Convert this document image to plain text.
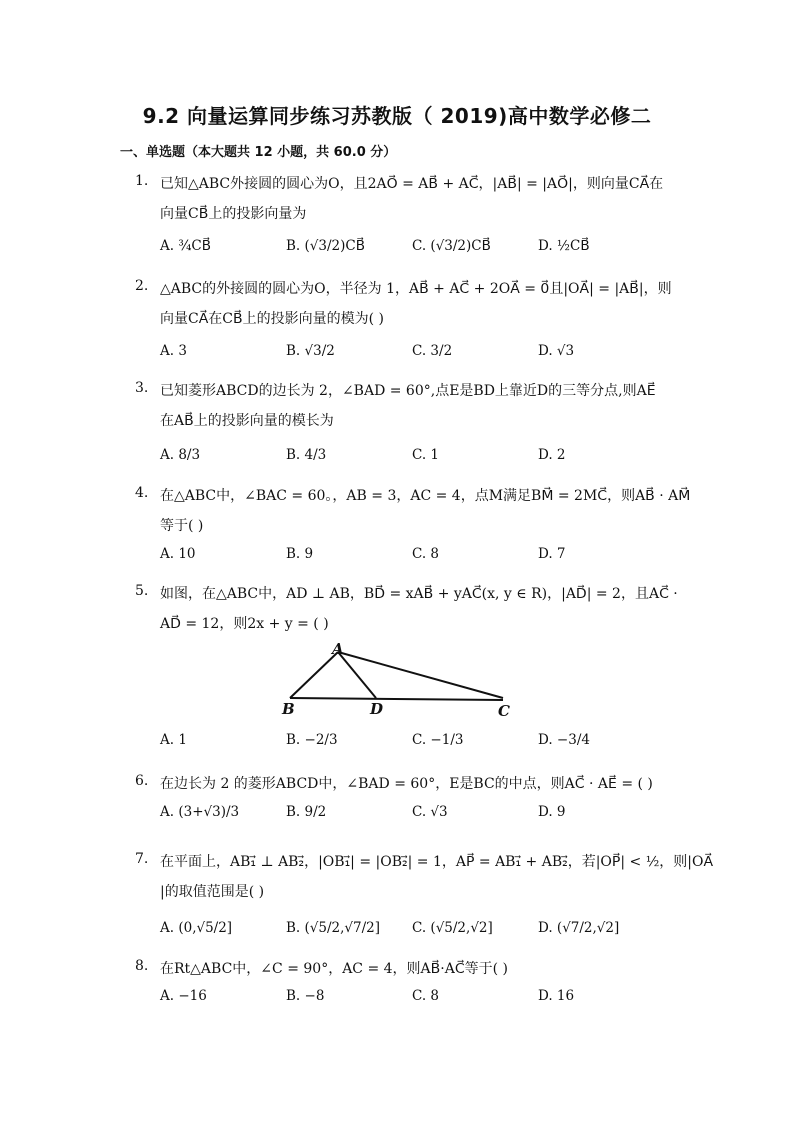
9.2 向量运算同步练习苏教版（ 2019)高中数学必修二
一、单选题（本大题共 12 小题，共 60.0 分）
1. 已知△ABC外接圆的圆心为O，且2AO⃗ = AB⃗ + AC⃗，|AB⃗| = |AO⃗|，则向量CA⃗在
向量CB⃗上的投影向量为
A. ¾CB⃗	B. (√3/2)CB⃗	C. (√3/2)CB⃗	D. ½CB⃗
2. △ABC的外接圆的圆心为O，半径为 1，AB⃗ + AC⃗ + 2OA⃗ = 0⃗且|OA⃗| = |AB⃗|，则
向量CA⃗在CB⃗上的投影向量的模为( )
A. 3	B. √3/2	C. 3/2	D. √3
3. 已知菱形ABCD的边长为 2，∠BAD = 60°,点E是BD上靠近D的三等分点,则AE⃗
在AB⃗上的投影向量的模长为
A. 8/3	B. 4/3	C. 1	D. 2
4. 在△ABC中，∠BAC = 60。，AB = 3，AC = 4，点M满足BM⃗ = 2MC⃗，则AB⃗ · AM⃗
等于( )
A. 10	B. 9	C. 8	D. 7
5. 如图，在△ABC中，AD ⊥ AB，BD⃗ = xAB⃗ + yAC⃗(x, y ∈ R)，|AD⃗| = 2，且AC⃗ ·
AD⃗ = 12，则2x + y = ( )
A. 1	B. −2/3	C. −1/3	D. −3/4
A
B	D	C
6. 在边长为 2 的菱形ABCD中，∠BAD = 60°，E是BC的中点，则AC⃗ · AE⃗ = ( )
A. (3+√3)/3	B. 9/2	C. √3	D. 9
7. 在平面上，AB₁⃗ ⊥ AB₂⃗，|OB₁⃗| = |OB₂⃗| = 1，AP⃗ = AB₁⃗ + AB₂⃗，若|OP⃗| < ½，则|OA⃗
|的取值范围是( )
A. (0,√5/2]	B. (√5/2,√7/2] C. (√5/2,√2]	D. (√7/2,√2]
8. 在Rt△ABC中，∠C = 90°，AC = 4，则AB⃗·AC⃗等于( )
A. −16	B. −8	C. 8	D. 16
